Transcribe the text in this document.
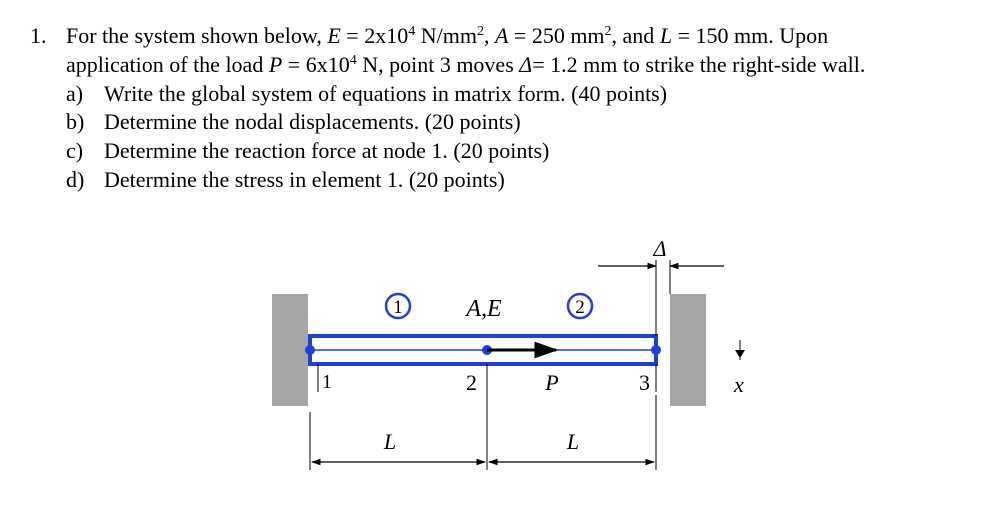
1. For the system shown below, $E = 2x10^4$ $N/mm^2$, A = 250 $mm^2$, and L = 150 mm. Upon
application of the load $P = 6x10^4$ N, point 3 moves Δ= 1.2 mm to strike the right-side wall.
a) Write the global system of equations in matrix form. (40 points)
b) Determine the nodal displacements. (20 points)
c) Determine the reaction force at node 1. (20 points)
d) Determine the stress in element 1. (20 points)
1	2
A,E
1	2	3
P	x
Δ
L	L
